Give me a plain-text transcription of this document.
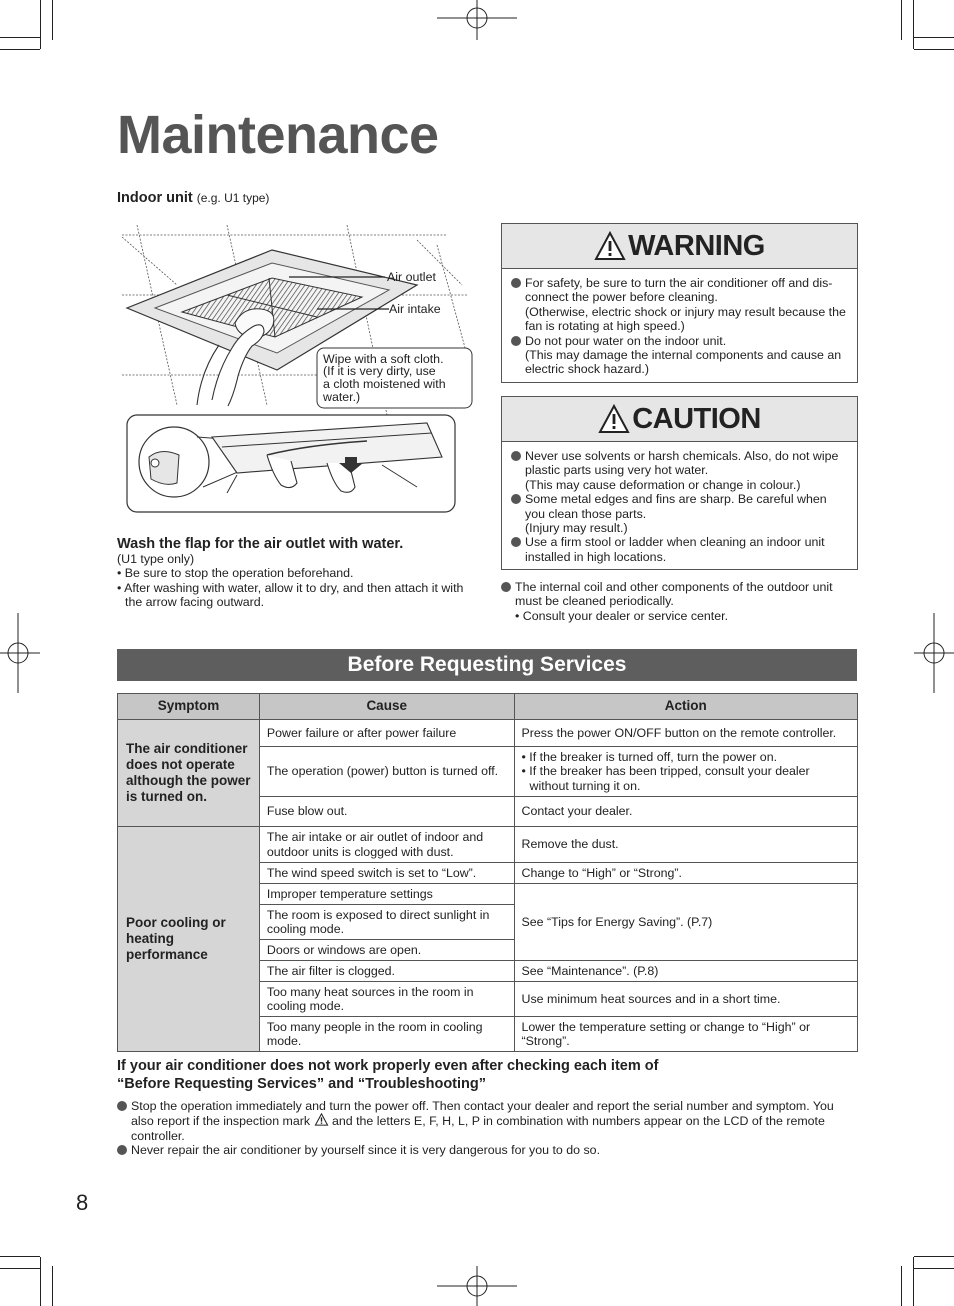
Maintenance
Indoor unit (e.g. U1 type)
Air outlet
Air intake
Wipe with a soft cloth. (If it is very dirty, use a cloth moistened with water.)
WARNING
For safety, be sure to turn the air conditioner off and dis-connect the power before cleaning.
(Otherwise, electric shock or injury may result because the fan is rotating at high speed.)
Do not pour water on the indoor unit.
(This may damage the internal components and cause an electric shock hazard.)
CAUTION
Never use solvents or harsh chemicals. Also, do not wipe plastic parts using very hot water.
(This may cause deformation or change in colour.)
Some metal edges and fins are sharp. Be careful when you clean those parts.
(Injury may result.)
Use a firm stool or ladder when cleaning an indoor unit installed in high locations.
Wash the flap for the air outlet with water.
(U1 type only)
• Be sure to stop the operation beforehand.
• After washing with water, allow it to dry, and then attach it with the arrow facing outward.
The internal coil and other components of the outdoor unit must be cleaned periodically.
• Consult your dealer or service center.
Before Requesting Services
Symptom	Cause	Action
The air conditioner does not operate although the power is turned on.	Power failure or after power failure	Press the power ON/OFF button on the remote controller.
	The operation (power) button is turned off.	• If the breaker is turned off, turn the power on.
• If the breaker has been tripped, consult your dealer without turning it on.

	Fuse blow out.	Contact your dealer.
Poor cooling or heating performance	The air intake or air outlet of indoor and outdoor units is clogged with dust.	Remove the dust.
	The wind speed switch is set to “Low”.	Change to “High” or “Strong”.
	Improper temperature settings	See “Tips for Energy Saving”. (P.7)
	The room is exposed to direct sunlight in cooling mode.	
	Doors or windows are open.	
	The air filter is clogged.	See “Maintenance”. (P.8)
	Too many heat sources in the room in cooling mode.	Use minimum heat sources and in a short time.
	Too many people in the room in cooling mode.	Lower the temperature setting or change to “High” or “Strong”.
If your air conditioner does not work properly even after checking each item of
“Before Requesting Services” and “Troubleshooting”
Stop the operation immediately and turn the power off. Then contact your dealer and report the serial number and symptom. You also report if the inspection mark and the letters E, F, H, L, P in combination with numbers appear on the LCD of the remote controller.
Never repair the air conditioner by yourself since it is very dangerous for you to do so.
8
